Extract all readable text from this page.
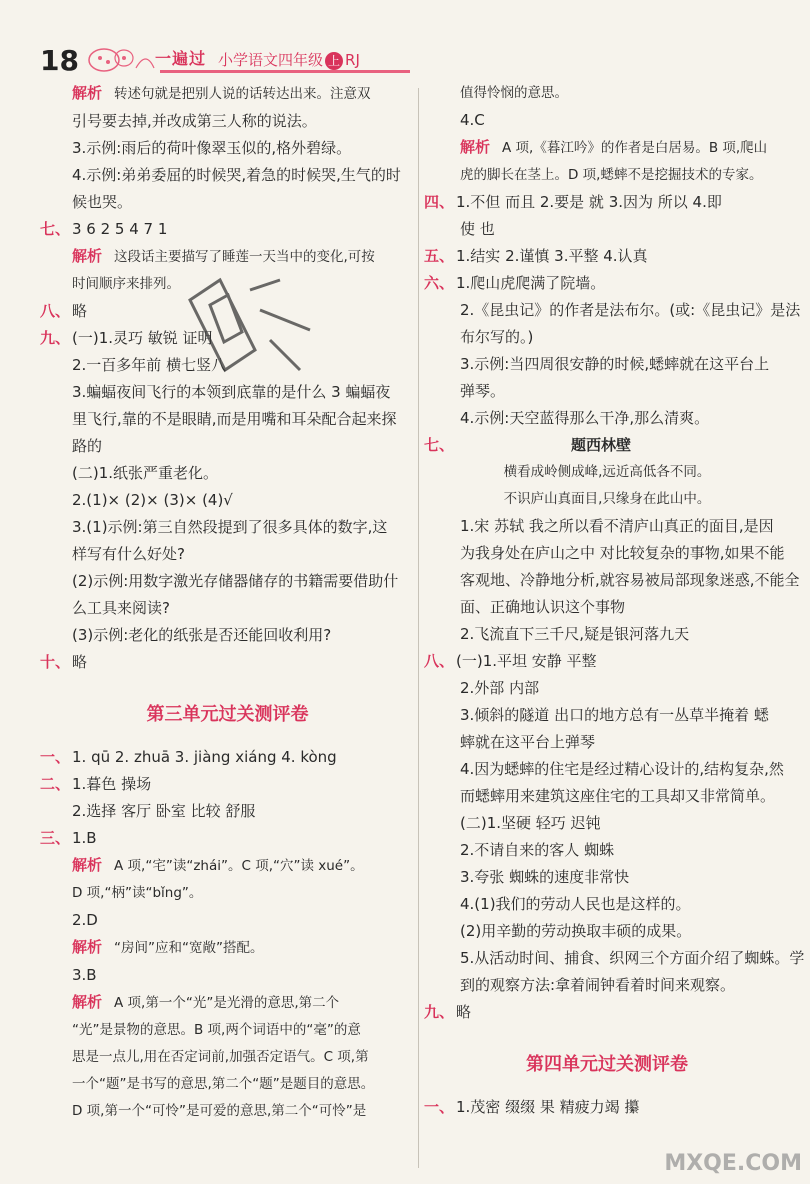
18	一遍过 小学语文四年级 上 RJ
解析 转述句就是把别人说的话转达出来。注意双
引号要去掉,并改成第三人称的说法。
3.示例:雨后的荷叶像翠玉似的,格外碧绿。
4.示例:弟弟委屈的时候哭,着急的时候哭,生气的时
候也哭。
七、 3 6 2 5 4 7 1
解析 这段话主要描写了睡莲一天当中的变化,可按
时间顺序来排列。
八、 略
九、 (一)1.灵巧 敏锐 证明
2.一百多年前 横七竖八
3.蝙蝠夜间飞行的本领到底靠的是什么 3 蝙蝠夜
里飞行,靠的不是眼睛,而是用嘴和耳朵配合起来探
路的
(二)1.纸张严重老化。
2.(1)× (2)× (3)× (4)√
3.(1)示例:第三自然段提到了很多具体的数字,这
样写有什么好处?
(2)示例:用数字激光存储器储存的书籍需要借助什
么工具来阅读?
(3)示例:老化的纸张是否还能回收利用?
十、 略
第三单元过关测评卷
一、 1. qū 2. zhuā 3. jiàng xiáng 4. kòng
二、 1.暮色 操场
2.选择 客厅 卧室 比较 舒服
三、 1.B
解析 A 项,“宅”读“zhái”。C 项,“穴”读 xué”。
D 项,“柄”读“bǐng”。
2.D
解析 “房间”应和“宽敞”搭配。
3.B
解析 A 项,第一个“光”是光滑的意思,第二个
“光”是景物的意思。B 项,两个词语中的“毫”的意
思是一点儿,用在否定词前,加强否定语气。C 项,第
一个“题”是书写的意思,第二个“题”是题目的意思。
D 项,第一个“可怜”是可爱的意思,第二个“可怜”是
值得怜悯的意思。
4.C
解析 A 项,《暮江吟》的作者是白居易。B 项,爬山
虎的脚长在茎上。D 项,蟋蟀不是挖掘技术的专家。
四、 1.不但 而且 2.要是 就 3.因为 所以 4.即
使 也
五、 1.结实 2.谨慎 3.平整 4.认真
六、 1.爬山虎爬满了院墙。
2.《昆虫记》的作者是法布尔。(或:《昆虫记》是法
布尔写的。)
3.示例:当四周很安静的时候,蟋蟀就在这平台上
弹琴。
4.示例:天空蓝得那么干净,那么清爽。
七、	题西林壁
横看成岭侧成峰,远近高低各不同。
不识庐山真面目,只缘身在此山中。
1.宋 苏轼 我之所以看不清庐山真正的面目,是因
为我身处在庐山之中 对比较复杂的事物,如果不能
客观地、冷静地分析,就容易被局部现象迷惑,不能全
面、正确地认识这个事物
2.飞流直下三千尺,疑是银河落九天
八、 (一)1.平坦 安静 平整
2.外部 内部
3.倾斜的隧道 出口的地方总有一丛草半掩着 蟋
蟀就在这平台上弹琴
4.因为蟋蟀的住宅是经过精心设计的,结构复杂,然
而蟋蟀用来建筑这座住宅的工具却又非常简单。
(二)1.坚硬 轻巧 迟钝
2.不请自来的客人 蜘蛛
3.夸张 蜘蛛的速度非常快
4.(1)我们的劳动人民也是这样的。
(2)用辛勤的劳动换取丰硕的成果。
5.从活动时间、捕食、织网三个方面介绍了蜘蛛。学
到的观察方法:拿着闹钟看着时间来观察。
九、 略
第四单元过关测评卷
一、 1.茂密 缀缀 果 精疲力竭 攥
MXQE.COM
